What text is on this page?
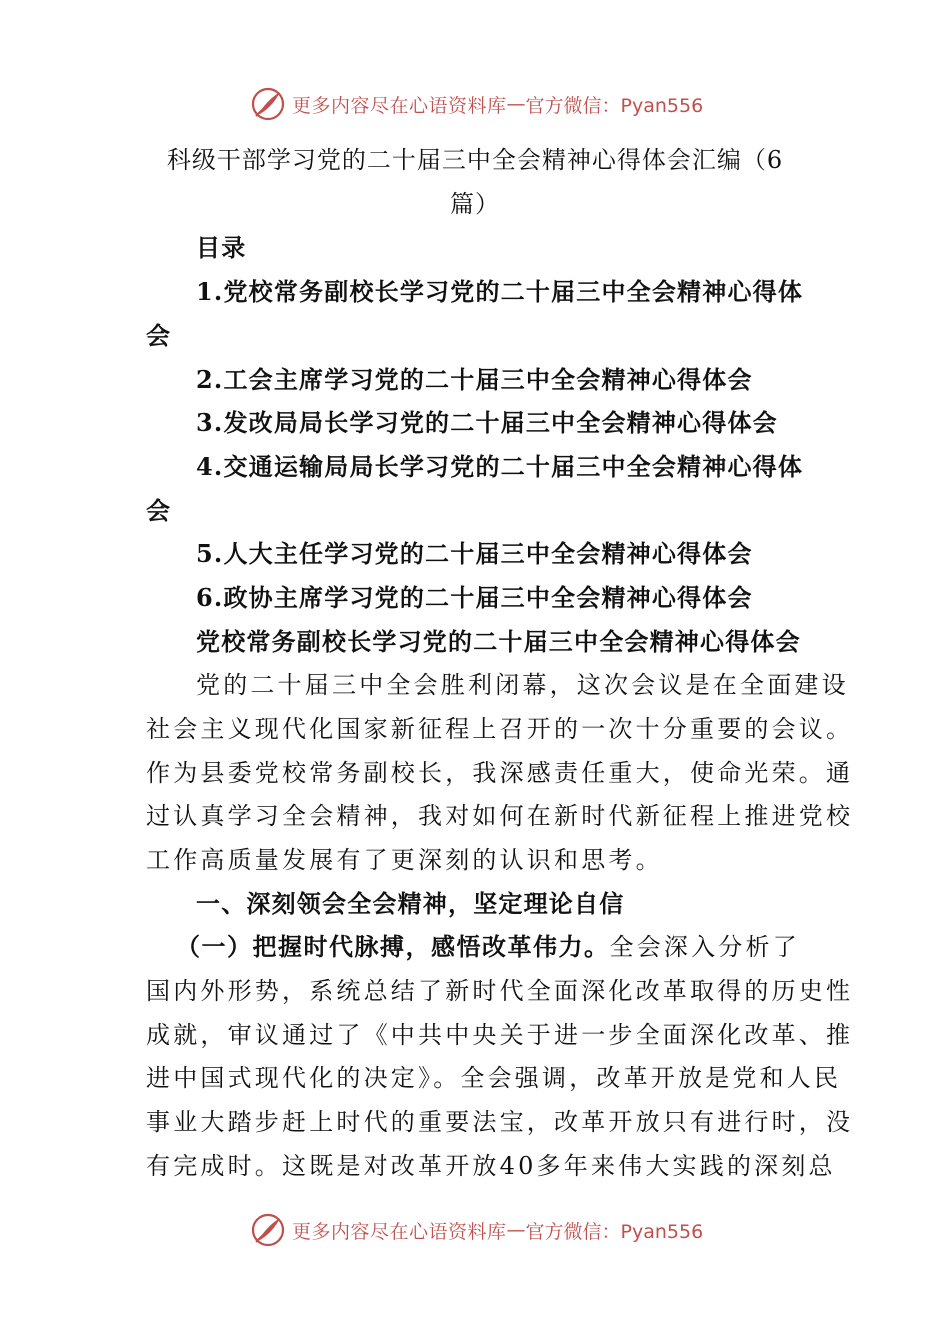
更多内容尽在心语资料库 — 官方微信：Pyan556
科级干部学习党的二十届三中全会精神心得体会汇编（6
篇）
目录
1.党校常务副校长学习党的二十届三中全会精神心得体
会
2.工会主席学习党的二十届三中全会精神心得体会
3.发改局局长学习党的二十届三中全会精神心得体会
4.交通运输局局长学习党的二十届三中全会精神心得体
会
5.人大主任学习党的二十届三中全会精神心得体会
6.政协主席学习党的二十届三中全会精神心得体会
党校常务副校长学习党的二十届三中全会精神心得体会
党的二十届三中全会胜利闭幕，这次会议是在全面建设
社会主义现代化国家新征程上召开的一次十分重要的会议。
作为县委党校常务副校长，我深感责任重大，使命光荣。通
过认真学习全会精神，我对如何在新时代新征程上推进党校
工作高质量发展有了更深刻的认识和思考。
一、深刻领会全会精神，坚定理论自信
（一）把握时代脉搏，感悟改革伟力。全会深入分析了
国内外形势，系统总结了新时代全面深化改革取得的历史性
成就，审议通过了《中共中央关于进一步全面深化改革、推
进中国式现代化的决定》。全会强调，改革开放是党和人民
事业大踏步赶上时代的重要法宝，改革开放只有进行时，没
有完成时。这既是对改革开放40多年来伟大实践的深刻总
更多内容尽在心语资料库 — 官方微信：Pyan556
